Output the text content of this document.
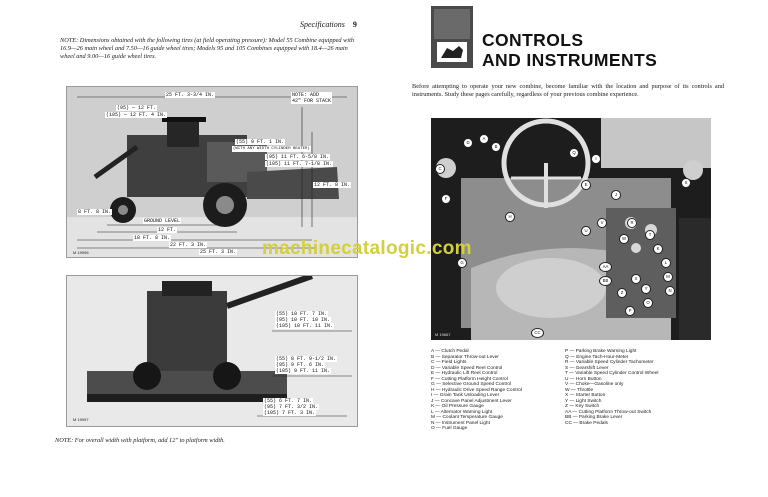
Specifications 9
NOTE: Dimensions obtained with the following tires (at field operating pressure): Model 55 Combine equipped with 16.9—26 main wheel and 7.50—16 guide wheel tires; Models 95 and 105 Combines equipped with 18.4—26 main wheel and 9.00—16 guide wheel tires.
25 FT. 3-3/4 IN.	NOTE: ADD
42" FOR STACK
(95) — 12 FT.
(105) — 12 FT. 4 IN.
(55) 9 FT. 1 IN.
(WITH ANY WIDTH CYLINDER BEATER)
(95) 11 FT. 6-5/8 IN.
(105) 11 FT. 7-1/8 IN.
12 FT. 8 IN.
8 FT. 8 IN.
GROUND LEVEL
12 FT.
18 FT. 8 IN.
22 FT. 3 IN.
25 FT. 3 IN.
M 19996
(55) 10 FT. 7 IN.
(95) 10 FT. 10 IN.
(105) 10 FT. 11 IN.
(55) 8 FT. 9-1/2 IN.
(95) 9 FT. 6 IN.
(105) 9 FT. 11 IN.
(55) 6 FT. 7 IN.
(95) 7 FT. 3/2 IN.
(105) 7 FT. 3 IN.
M 19997
NOTE: For overall width with platform, add 12" to platform width.
CONTROLS
AND INSTRUMENTS
Before attempting to operate your new combine, become familiar with the location and purpose of its controls and instruments. Study these pages carefully, regardless of your previous combine experience.
A
B
C
D
E
F
G
H
I
J
K
L
M
N
O
P
Q
R
S
T
U
V
W
X
Y
Z
AA
BB
CC
M 19667
A — Clutch Pedal
B — Separator Throw-out Lever
C — Field Lights
D — Variable Speed Reel Control
E — Hydraulic Lift Reel Control
F — Cutting Platform Height Control
G — Selective Ground Speed Control
H — Hydraulic Drive Speed Range Control
I — Grain Tank Unloading Lever
J — Concave Panel Adjustment Lever
K — Oil Pressure Gauge
L — Alternator Warning Light
M — Coolant Temperature Gauge
N — Instrument Panel Light
O — Fuel Gauge
P — Parking Brake Warning Light
Q — Engine Tach-Hour-Meter
R — Variable Speed Cylinder Tachometer
S — Gearshift Lever
T — Variable Speed Cylinder Control Wheel
U — Horn Button
V — Choke—Gasoline only
W — Throttle
X — Starter Button
Y — Light Switch
Z — Key Switch
AA — Cutting Platform Throw-out Switch
BB — Parking Brake Lever
CC — Brake Pedals
machinecatalogic.com
